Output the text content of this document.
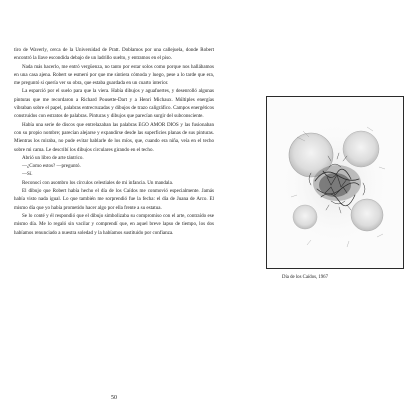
tiro de Waverly, cerca de la Universidad de Pratt. Doblamos por una callejuela, donde Robert encontró la llave escondida debajo de un ladrillo suelto, y entramos en el piso.

Nada más hacerlo, me entró vergüenza, no tanto por estar solos como porque nos hallábamos en una casa ajena. Robert se esmeró por que me sintiera cómoda y luego, pese a lo tarde que era, me preguntó si quería ver su obra, que estaba guardada en un cuarto interior.

La esparció por el suelo para que la viera. Había dibujos y aguafuertes, y desenrolló algunas pinturas que me recordaron a Richard Pousette-Dart y a Henri Michaux. Múltiples energías vibraban sobre el papel, palabras entrecruzadas y dibujos de trazo caligráfico. Campos energéticos construidos con estratos de palabras. Pinturas y dibujos que parecían surgir del subconsciente.

Había una serie de discos que entrelazaban las palabras EGO AMOR DIOS y las fusionaban con su propio nombre; parecían alejarse y expandirse desde las superficies planas de sus pinturas. Mientras los miraba, no pude evitar hablarle de los míos, que, cuando era niña, veía en el techo sobre mi cama. Le describí los dibujos circulares girando en el techo.

Abrió un libro de arte tántrico.

—¿Como estos? —preguntó.

—Sí.

Reconocí con asombro los círculos celestiales de mi infancia. Un mandala.

El dibujo que Robert había hecho el día de los Caídos me conmovió especialmente. Jamás había visto nada igual. Lo que también me sorprendió fue la fecha: el día de Juana de Arco. El mismo día que yo había prometido hacer algo por ella frente a su estatua.

Se lo conté y él respondió que el dibujo simbolizaba su compromiso con el arte, contraído ese mismo día. Me lo regaló sin vacilar y comprendí que, en aquel breve lapso de tiempo, los dos habíamos renunciado a nuestra soledad y la habíamos sustituido por confianza.

50
Día de los Caídos, 1967
